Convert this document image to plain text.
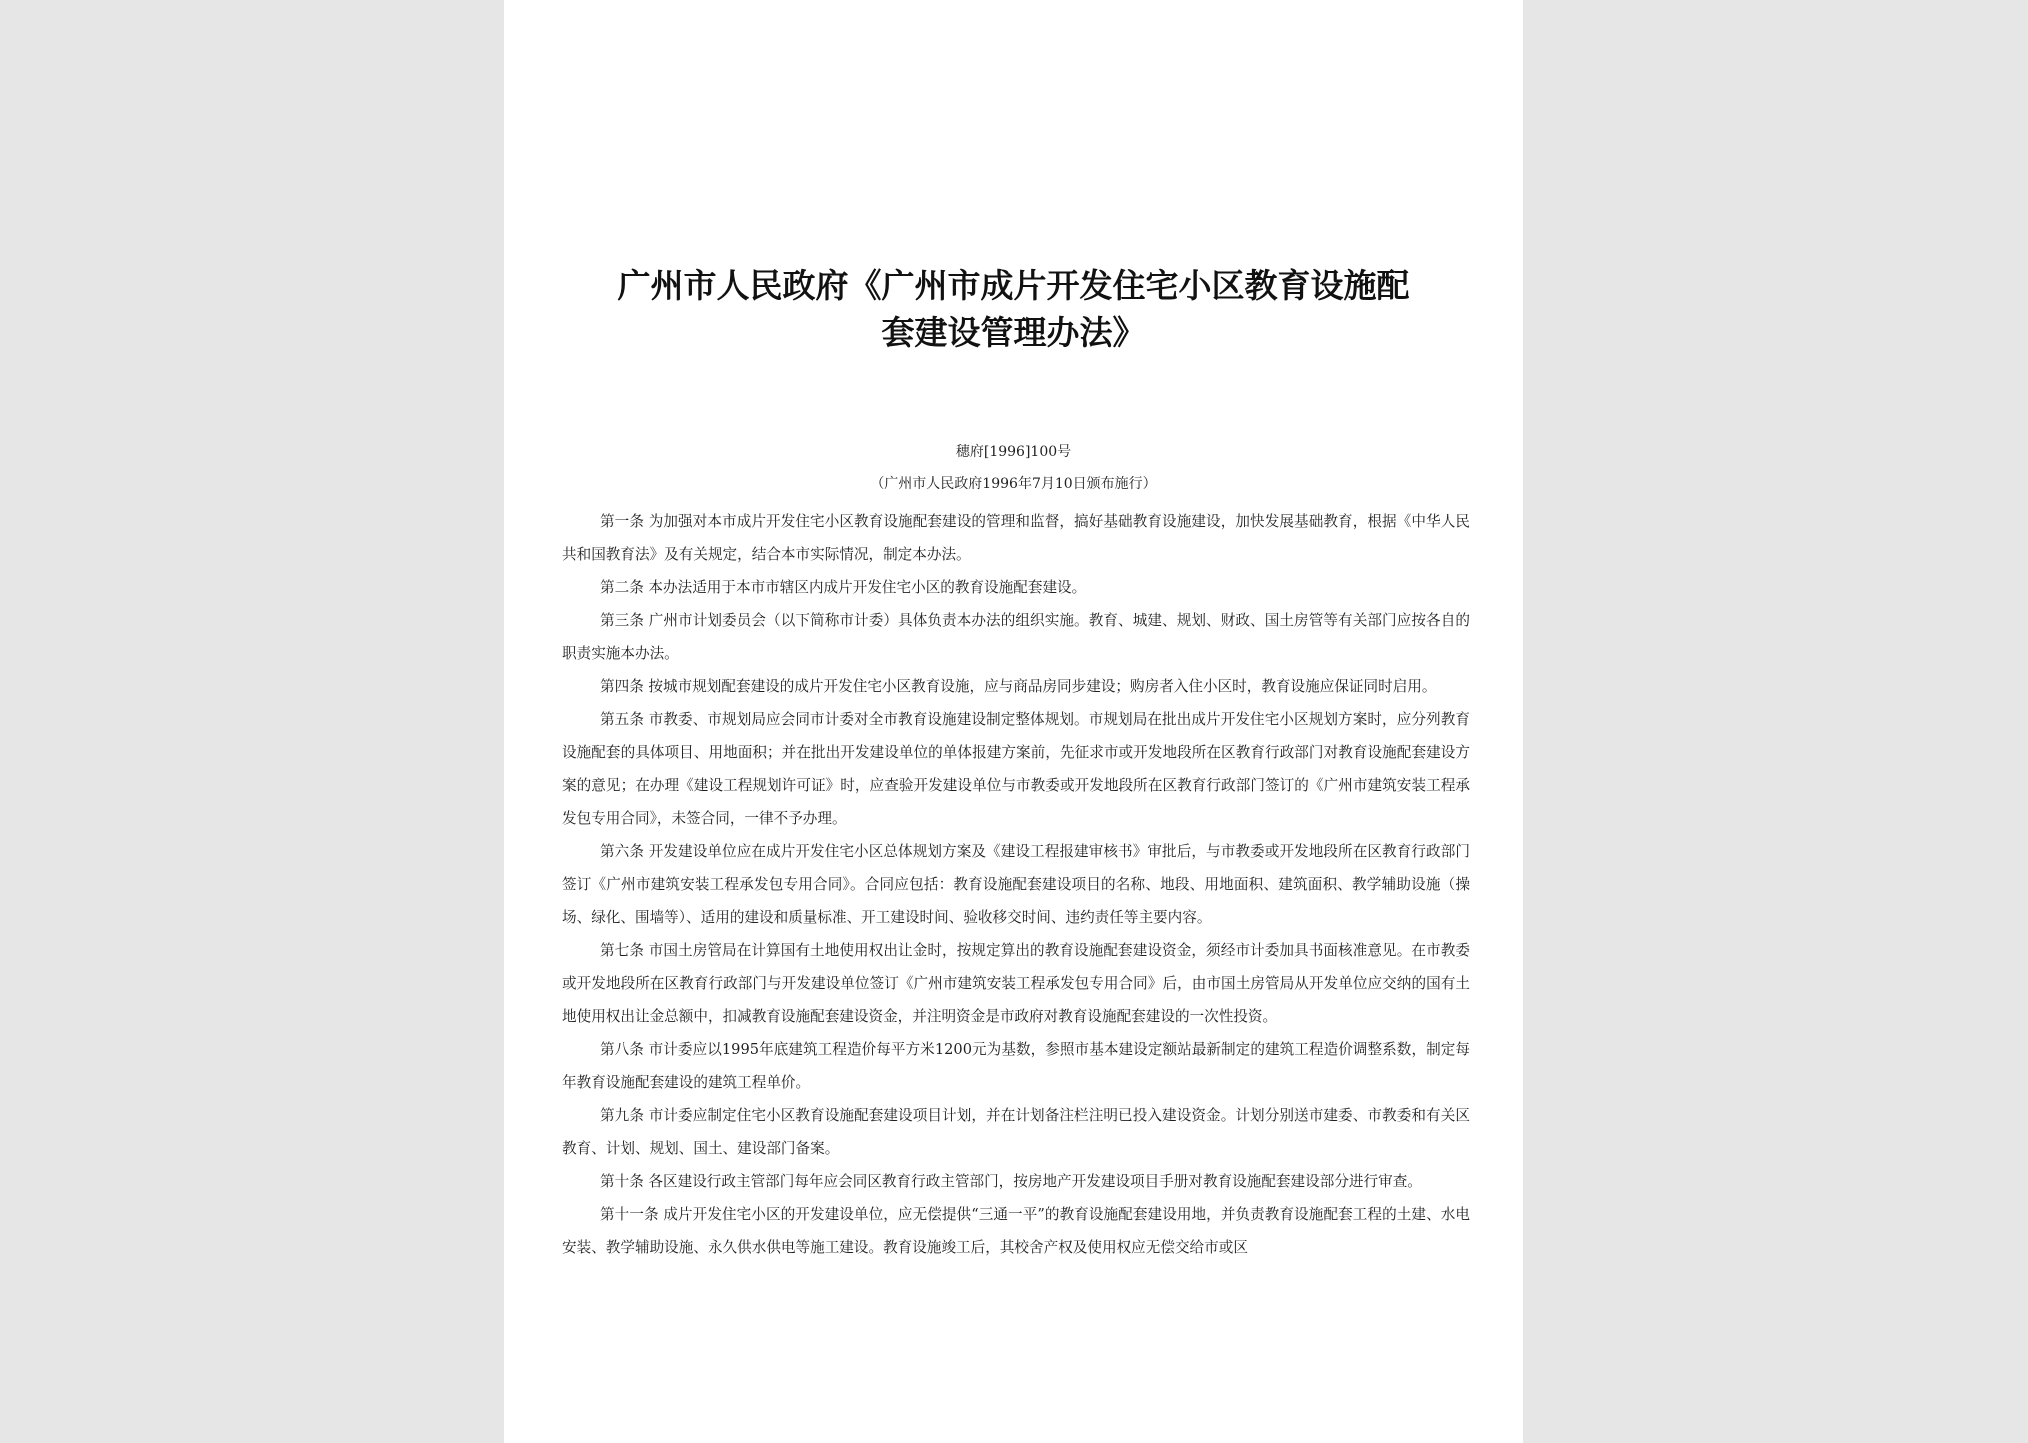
广州市人民政府《广州市成片开发住宅小区教育设施配
套建设管理办法》
穗府[1996]100号
（广州市人民政府1996年7月10日颁布施行）

第一条 为加强对本市成片开发住宅小区教育设施配套建设的管理和监督，搞好基础教育设施建设，加快发展基础教育，根据《中华人民共和国教育法》及有关规定，结合本市实际情况，制定本办法。

第二条 本办法适用于本市市辖区内成片开发住宅小区的教育设施配套建设。

第三条 广州市计划委员会（以下简称市计委）具体负责本办法的组织实施。教育、城建、规划、财政、国土房管等有关部门应按各自的职责实施本办法。

第四条 按城市规划配套建设的成片开发住宅小区教育设施，应与商品房同步建设；购房者入住小区时，教育设施应保证同时启用。

第五条 市教委、市规划局应会同市计委对全市教育设施建设制定整体规划。市规划局在批出成片开发住宅小区规划方案时，应分列教育设施配套的具体项目、用地面积；并在批出开发建设单位的单体报建方案前，先征求市或开发地段所在区教育行政部门对教育设施配套建设方案的意见；在办理《建设工程规划许可证》时，应查验开发建设单位与市教委或开发地段所在区教育行政部门签订的《广州市建筑安装工程承发包专用合同》，未签合同，一律不予办理。

第六条 开发建设单位应在成片开发住宅小区总体规划方案及《建设工程报建审核书》审批后，与市教委或开发地段所在区教育行政部门签订《广州市建筑安装工程承发包专用合同》。合同应包括：教育设施配套建设项目的名称、地段、用地面积、建筑面积、教学辅助设施（操场、绿化、围墙等）、适用的建设和质量标准、开工建设时间、验收移交时间、违约责任等主要内容。

第七条 市国土房管局在计算国有土地使用权出让金时，按规定算出的教育设施配套建设资金，须经市计委加具书面核准意见。在市教委或开发地段所在区教育行政部门与开发建设单位签订《广州市建筑安装工程承发包专用合同》后，由市国土房管局从开发单位应交纳的国有土地使用权出让金总额中，扣减教育设施配套建设资金，并注明资金是市政府对教育设施配套建设的一次性投资。

第八条 市计委应以1995年底建筑工程造价每平方米1200元为基数，参照市基本建设定额站最新制定的建筑工程造价调整系数，制定每年教育设施配套建设的建筑工程单价。

第九条 市计委应制定住宅小区教育设施配套建设项目计划，并在计划备注栏注明已投入建设资金。计划分别送市建委、市教委和有关区教育、计划、规划、国土、建设部门备案。

第十条 各区建设行政主管部门每年应会同区教育行政主管部门，按房地产开发建设项目手册对教育设施配套建设部分进行审查。

第十一条 成片开发住宅小区的开发建设单位，应无偿提供“三通一平”的教育设施配套建设用地，并负责教育设施配套工程的土建、水电安装、教学辅助设施、永久供水供电等施工建设。教育设施竣工后，其校舍产权及使用权应无偿交给市或区
